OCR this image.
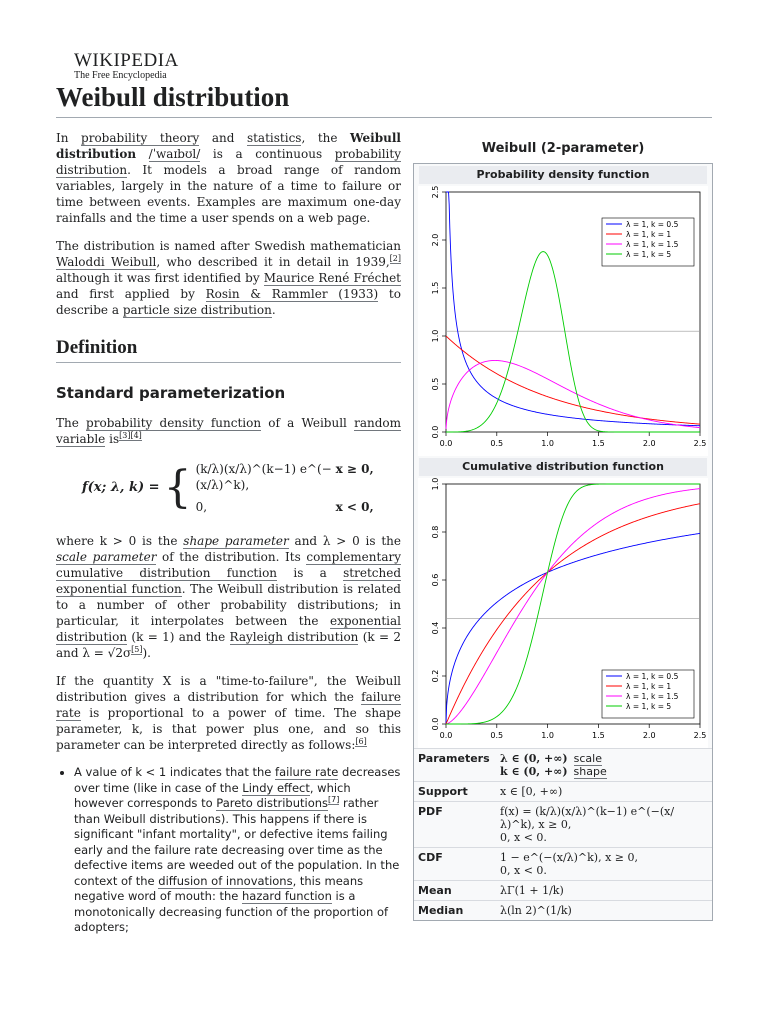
WIKIPEDIA
The Free Encyclopedia
Weibull distribution

In probability theory and statistics, the Weibull distribution /ˈwaɪbʊl/ is a continuous probability distribution. It models a broad range of random variables, largely in the nature of a time to failure or time between events. Examples are maximum one-day rainfalls and the time a user spends on a web page.

The distribution is named after Swedish mathematician Waloddi Weibull, who described it in detail in 1939,[2] although it was first identified by Maurice René Fréchet and first applied by Rosin & Rammler (1933) to describe a particle size distribution.

Definition
Standard parameterization

The probability density function of a Weibull random variable is[3][4]

f(x; λ, k) = { (k/λ)(x/λ)^(k−1) e^(−(x/λ)^k),
x ≥ 0,
0,	x < 0,

where k > 0 is the shape parameter and λ > 0 is the scale parameter of the distribution. Its complementary cumulative distribution function is a stretched exponential function. The Weibull distribution is related to a number of other probability distributions; in particular, it interpolates between the exponential distribution (k = 1) and the Rayleigh distribution (k = 2 and λ = √2σ[5]).

If the quantity X is a "time-to-failure", the Weibull distribution gives a distribution for which the failure rate is proportional to a power of time. The shape parameter, k, is that power plus one, and so this parameter can be interpreted directly as follows:[6]

• A value of k < 1 indicates that the failure rate decreases over time (like in case of the Lindy effect, which however corresponds to Pareto distributions[7] rather than Weibull distributions). This happens if there is significant "infant mortality", or defective items failing early and the failure rate decreasing over time as the defective items are weeded out of the population. In the context of the diffusion of innovations, this means negative word of mouth: the hazard function is a monotonically decreasing function of the proportion of adopters;
Weibull (2-parameter)
Probability density function
0.0	0.5	1.0	1.5	2.0	2.5
0.0
0.5
1.0
1.5
2.0
2.5
λ = 1, k = 0.5
λ = 1, k = 1
λ = 1, k = 1.5
λ = 1, k = 5
Cumulative distribution function
0.0	0.5	1.0	1.5	2.0	2.5
0.0
0.2
0.4
0.6
0.8
1.0
λ = 1, k = 0.5
λ = 1, k = 1
λ = 1, k = 1.5
λ = 1, k = 5
Parameters	λ ∈ (0, +∞) scale
k ∈ (0, +∞) shape

Support	x ∈ [0, +∞)
PDF	f(x) = (k/λ)(x/λ)^(k−1) e^(−(x/λ)^k), x ≥ 0,
0, x < 0.

CDF	1 − e^(−(x/λ)^k), x ≥ 0,
0, x < 0.

Mean	λΓ(1 + 1/k)
Median	λ(ln 2)^(1/k)
